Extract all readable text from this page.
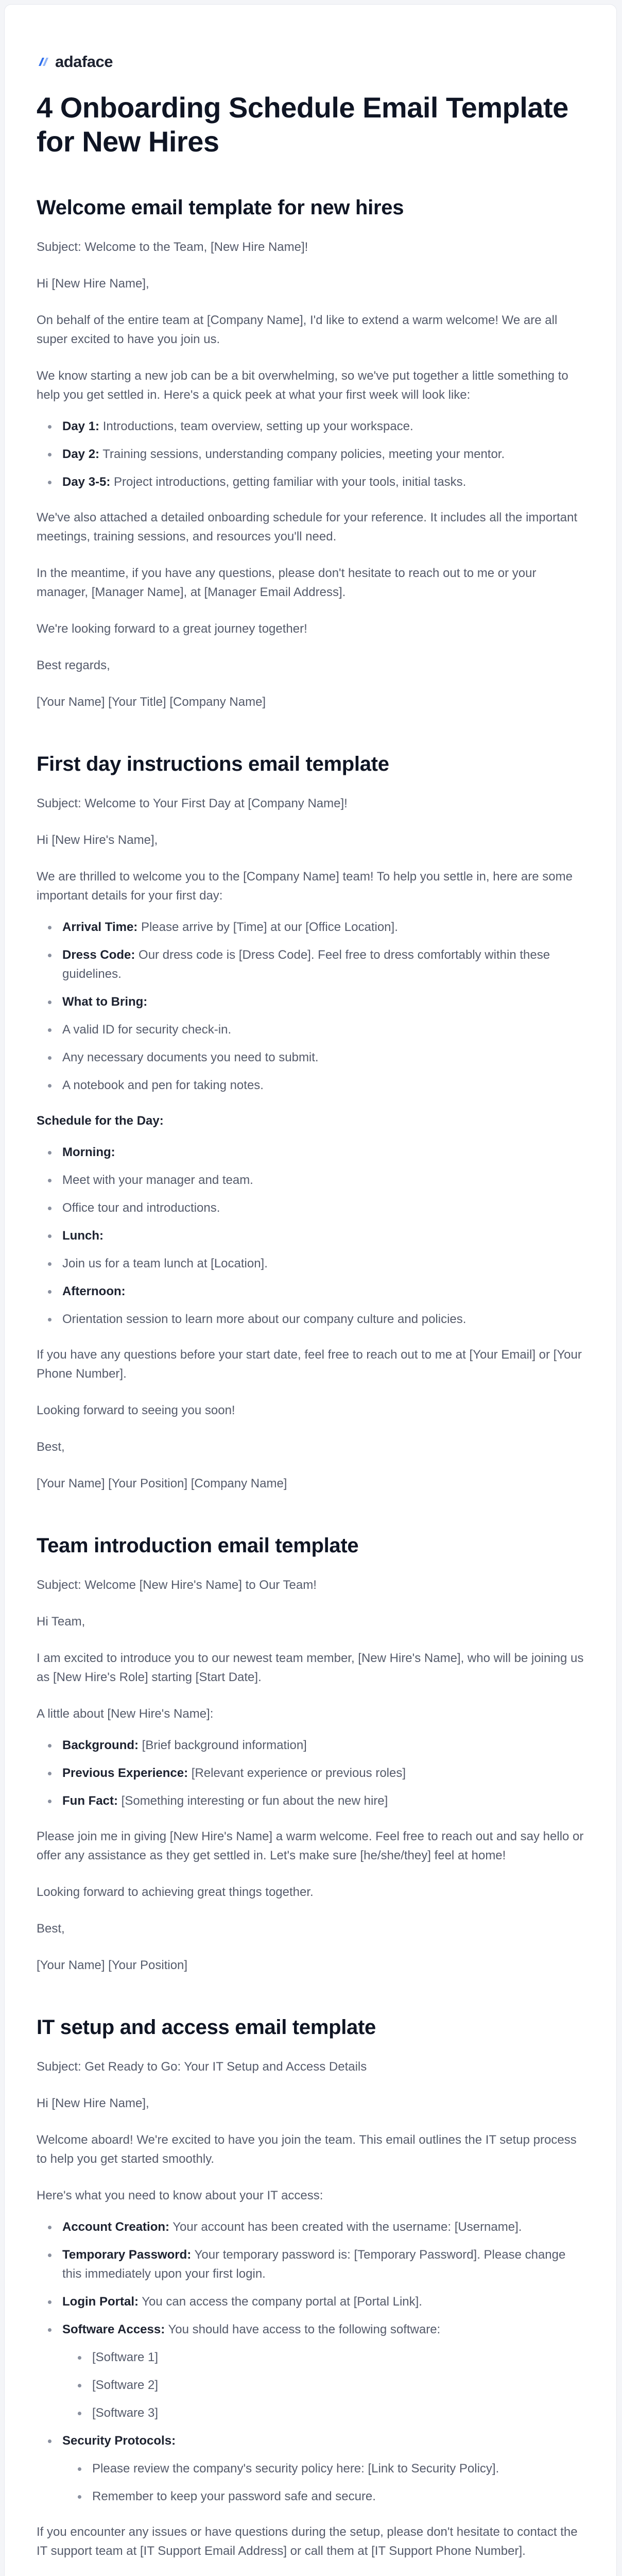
adaface
4 Onboarding Schedule Email Template for New Hires
Welcome email template for new hires

Subject: Welcome to the Team, [New Hire Name]!

Hi [New Hire Name],

On behalf of the entire team at [Company Name], I'd like to extend a warm welcome! We are all super excited to have you join us.

We know starting a new job can be a bit overwhelming, so we've put together a little something to help you get settled in. Here's a quick peek at what your first week will look like:

Day 1: Introductions, team overview, setting up your workspace.
Day 2: Training sessions, understanding company policies, meeting your mentor.
Day 3-5: Project introductions, getting familiar with your tools, initial tasks.

We've also attached a detailed onboarding schedule for your reference. It includes all the important meetings, training sessions, and resources you'll need.

In the meantime, if you have any questions, please don't hesitate to reach out to me or your manager, [Manager Name], at [Manager Email Address].

We're looking forward to a great journey together!

Best regards,

[Your Name] [Your Title] [Company Name]

First day instructions email template

Subject: Welcome to Your First Day at [Company Name]!

Hi [New Hire's Name],

We are thrilled to welcome you to the [Company Name] team! To help you settle in, here are some important details for your first day:

Arrival Time: Please arrive by [Time] at our [Office Location].
Dress Code: Our dress code is [Dress Code]. Feel free to dress comfortably within these guidelines.
What to Bring:
A valid ID for security check-in.
Any necessary documents you need to submit.
A notebook and pen for taking notes.

Schedule for the Day:

Morning:
Meet with your manager and team.
Office tour and introductions.
Lunch:
Join us for a team lunch at [Location].
Afternoon:
Orientation session to learn more about our company culture and policies.

If you have any questions before your start date, feel free to reach out to me at [Your Email] or [Your Phone Number].

Looking forward to seeing you soon!

Best,

[Your Name] [Your Position] [Company Name]

Team introduction email template

Subject: Welcome [New Hire's Name] to Our Team!

Hi Team,

I am excited to introduce you to our newest team member, [New Hire's Name], who will be joining us as [New Hire's Role] starting [Start Date].

A little about [New Hire's Name]:

Background: [Brief background information]
Previous Experience: [Relevant experience or previous roles]
Fun Fact: [Something interesting or fun about the new hire]

Please join me in giving [New Hire's Name] a warm welcome. Feel free to reach out and say hello or offer any assistance as they get settled in. Let's make sure [he/she/they] feel at home!

Looking forward to achieving great things together.

Best,

[Your Name] [Your Position]

IT setup and access email template

Subject: Get Ready to Go: Your IT Setup and Access Details

Hi [New Hire Name],

Welcome aboard! We're excited to have you join the team. This email outlines the IT setup process to help you get started smoothly.

Here's what you need to know about your IT access:

Account Creation: Your account has been created with the username: [Username].
Temporary Password: Your temporary password is: [Temporary Password]. Please change this immediately upon your first login.
Login Portal: You can access the company portal at [Portal Link].
Software Access: You should have access to the following software:
[Software 1]
[Software 2]
[Software 3]
Security Protocols:
Please review the company's security policy here: [Link to Security Policy].
Remember to keep your password safe and secure.

If you encounter any issues or have questions during the setup, please don't hesitate to contact the IT support team at [IT Support Email Address] or call them at [IT Support Phone Number].
